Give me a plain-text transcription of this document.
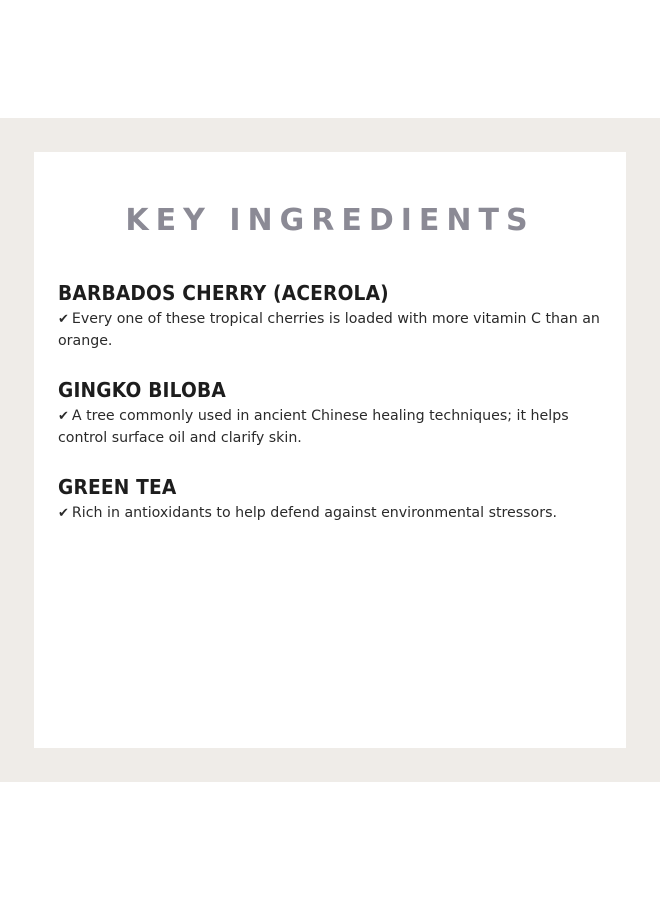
KEY INGREDIENTS
BARBADOS CHERRY (ACEROLA)

✔ Every one of these tropical cherries is loaded with more vitamin C than an orange.

GINGKO BILOBA

✔ A tree commonly used in ancient Chinese healing techniques; it helps control surface oil and clarify skin.

GREEN TEA

✔ Rich in antioxidants to help defend against environmental stressors.
